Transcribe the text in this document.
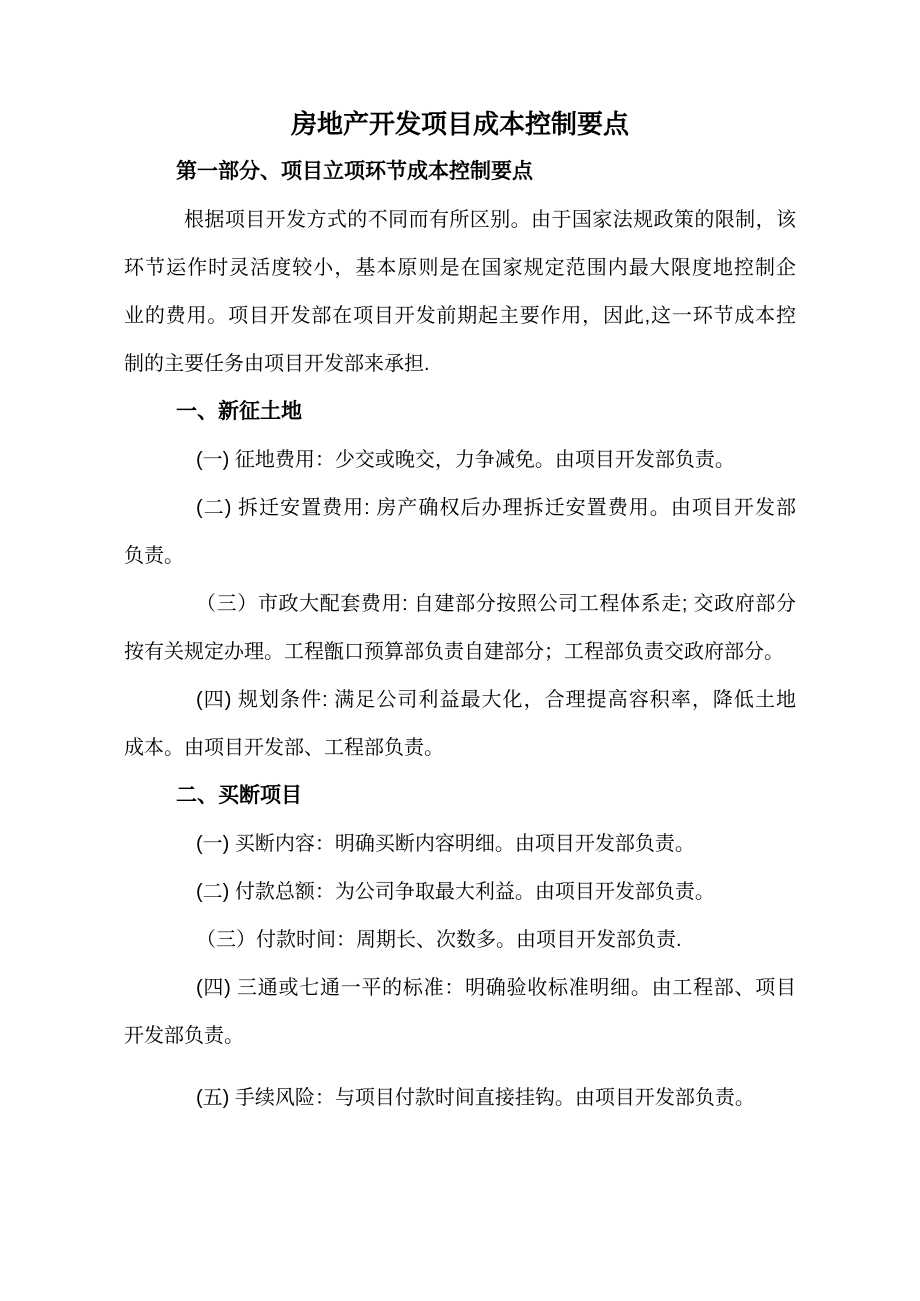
房地产开发项目成本控制要点
第一部分、项目立项环节成本控制要点
根据项目开发方式的不同而有所区别。由于国家法规政策的限制，该
环节运作时灵活度较小，基本原则是在国家规定范围内最大限度地控制企
业的费用。项目开发部在项目开发前期起主要作用，因此,这一环节成本控
制的主要任务由项目开发部来承担.
一、新征土地
(一) 征地费用：少交或晚交，力争减免。由项目开发部负责。
(二) 拆迁安置费用: 房产确权后办理拆迁安置费用。由项目开发部
负责。
（三）市政大配套费用: 自建部分按照公司工程体系走; 交政府部分
按有关规定办理。工程甑口预算部负责自建部分；工程部负责交政府部分。
(四) 规划条件: 满足公司利益最大化，合理提高容积率，降低土地
成本。由项目开发部、工程部负责。
二、买断项目
(一) 买断内容：明确买断内容明细。由项目开发部负责。
(二) 付款总额：为公司争取最大利益。由项目开发部负责。
（三）付款时间：周期长、次数多。由项目开发部负责.
(四) 三通或七通一平的标准：明确验收标准明细。由工程部、项目
开发部负责。
(五) 手续风险：与项目付款时间直接挂钩。由项目开发部负责。
